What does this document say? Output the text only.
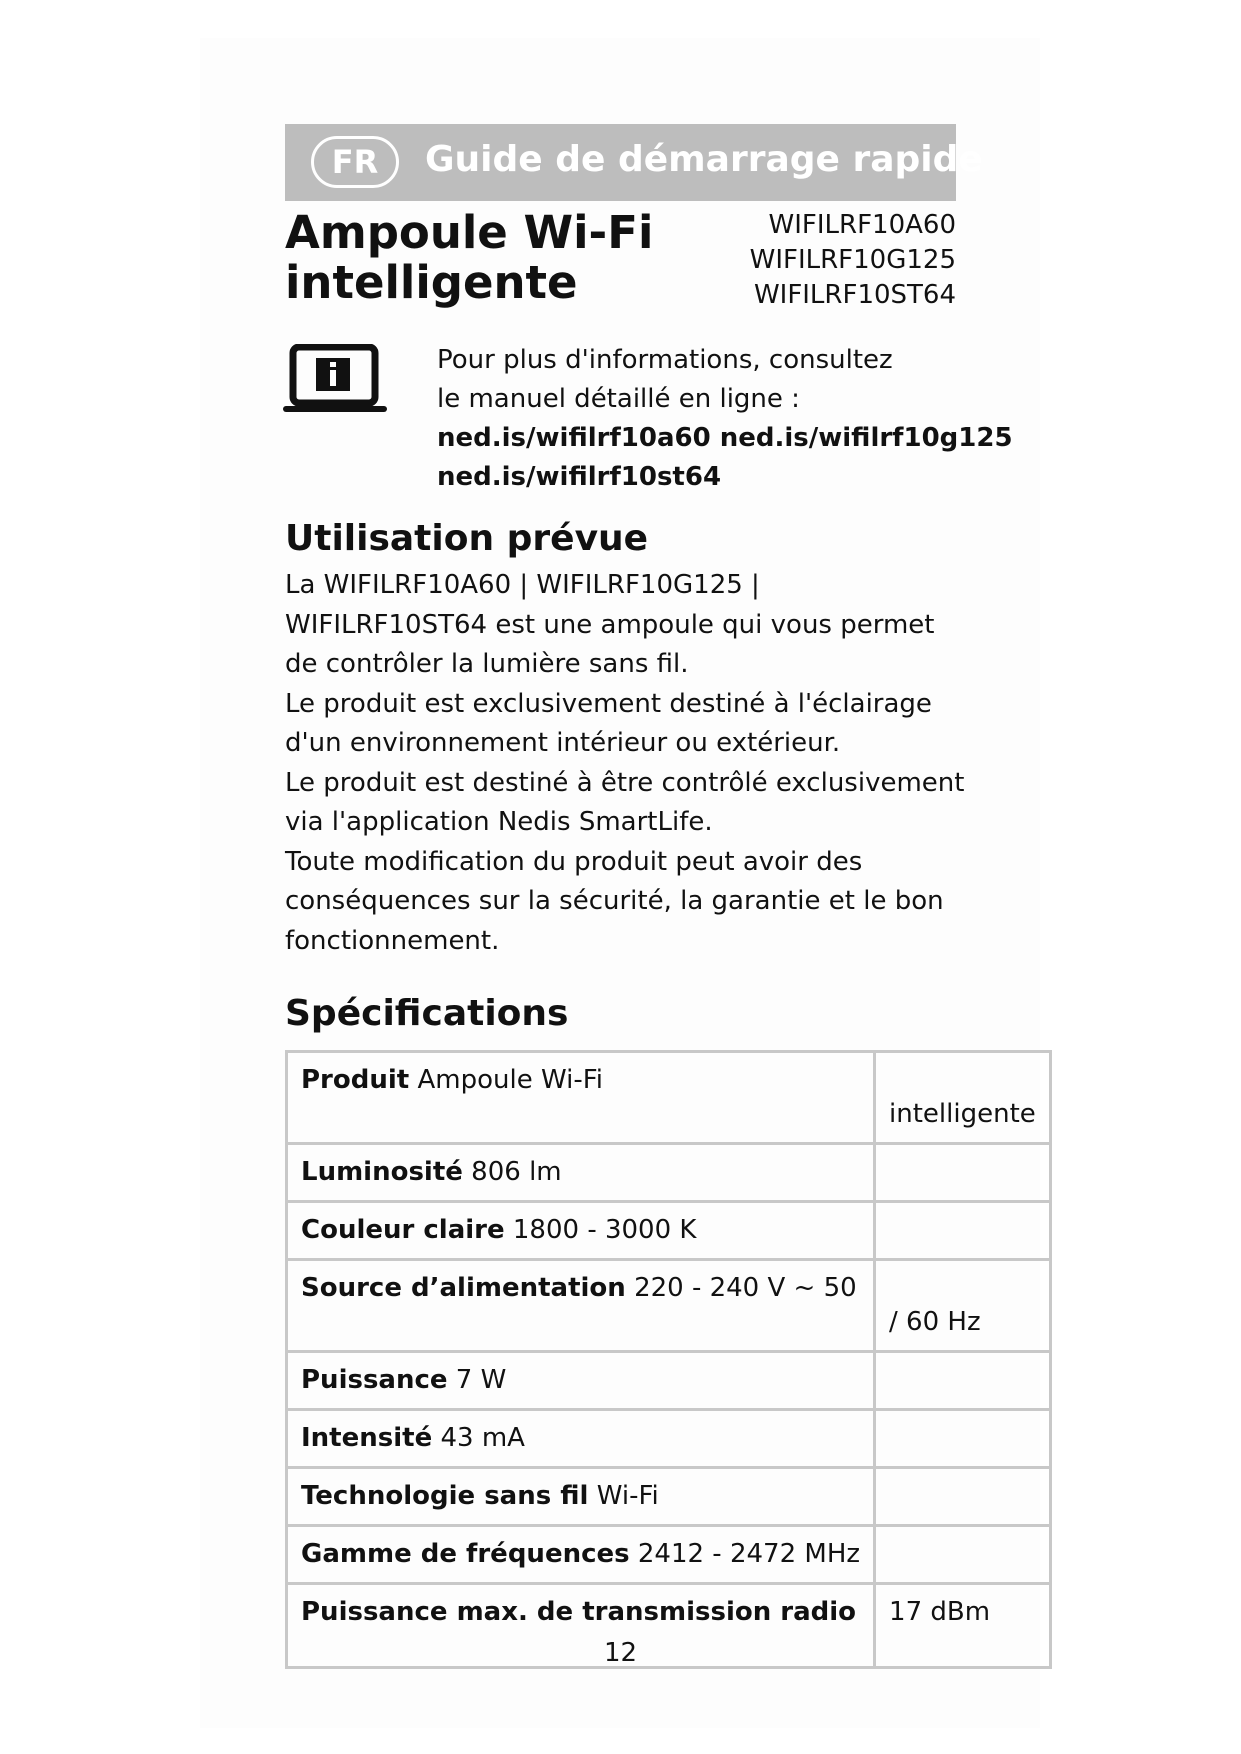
FR	Guide de démarrage rapide
Ampoule Wi-Fi
intelligente
WIFILRF10A60
WIFILRF10G125
WIFILRF10ST64
Pour plus d'informations, consultez
le manuel détaillé en ligne :
ned.is/wifilrf10a60 ned.is/wifilrf10g125
ned.is/wifilrf10st64
Utilisation prévue

La WIFILRF10A60 | WIFILRF10G125 | WIFILRF10ST64 est une ampoule qui vous permet de contrôler la lumière sans fil.

Le produit est exclusivement destiné à l'éclairage d'un environnement intérieur ou extérieur.

Le produit est destiné à être contrôlé exclusivement via l'application Nedis SmartLife.

Toute modification du produit peut avoir des conséquences sur la sécurité, la garantie et le bon fonctionnement.

Spécifications
Produit Ampoule Wi-Fi	intelligente

Luminosité 806 lm	
Couleur claire 1800 - 3000 K	
Source d’alimentation 220 - 240 V ~ 50	/ 60 Hz

Puissance 7 W	
Intensité 43 mA	
Technologie sans fil Wi-Fi	
Gamme de fréquences 2412 - 2472 MHz	
Puissance max. de transmission radio	17 dBm
12
